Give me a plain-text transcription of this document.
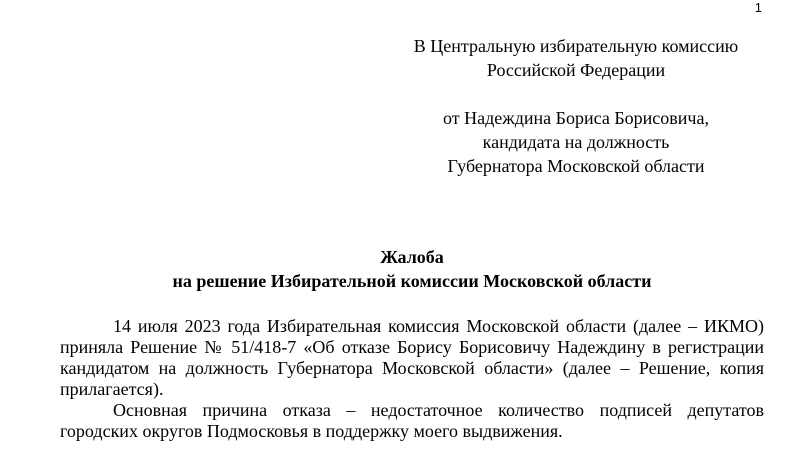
1
В Центральную избирательную комиссию
Российской Федерации
от Надеждина Бориса Борисовича,
кандидата на должность
Губернатора Московской области
Жалоба
на решение Избирательной комиссии Московской области

14 июля 2023 года Избирательная комиссия Московской области (далее – ИКМО) приняла Решение № 51/418-7 «Об отказе Борису Борисовичу Надеждину в регистрации кандидатом на должность Губернатора Московской области» (далее – Решение, копия прилагается).

Основная причина отказа – недостаточное количество подписей депутатов городских округов Подмосковья в поддержку моего выдвижения.
